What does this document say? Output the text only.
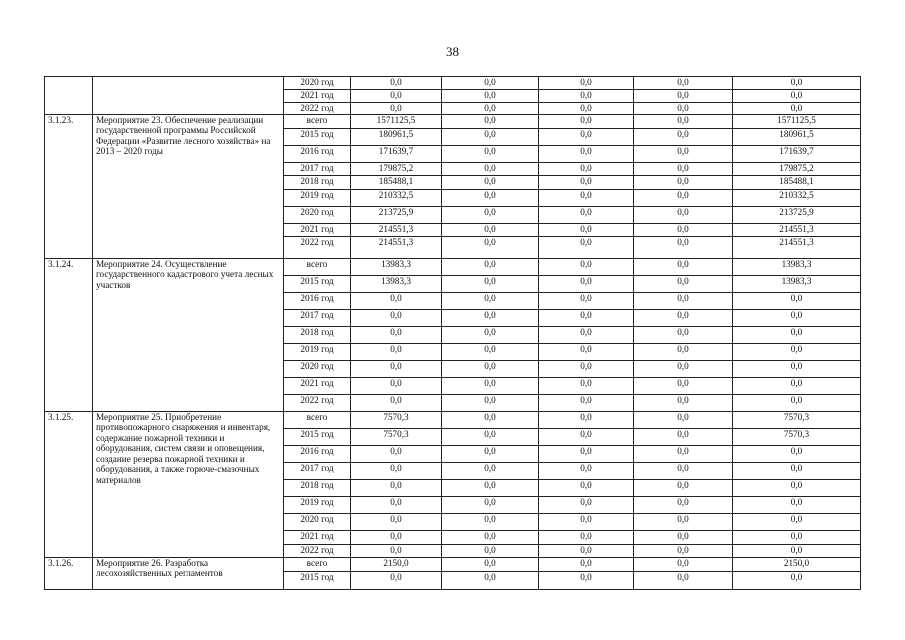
38
		2020 год	0,0	0,0	0,0	0,0	0,0
		2021 год	0,0	0,0	0,0	0,0	0,0
		2022 год	0,0	0,0	0,0	0,0	0,0
3.1.23.	Мероприятие 23. Обеспечение реализации государственной программы Российской Федерации «Развитие лесного хозяйства» на 2013 – 2020 годы	всего	1571125,5	0,0	0,0	0,0	1571125,5
		2015 год	180961,5	0,0	0,0	0,0	180961,5
		2016 год	171639,7	0,0	0,0	0,0	171639,7
		2017 год	179875,2	0,0	0,0	0,0	179875,2
		2018 год	185488,1	0,0	0,0	0,0	185488,1
		2019 год	210332,5	0,0	0,0	0,0	210332,5
		2020 год	213725,9	0,0	0,0	0,0	213725,9
		2021 год	214551,3	0,0	0,0	0,0	214551,3
		2022 год	214551,3	0,0	0,0	0,0	214551,3
3.1.24.	Мероприятие 24. Осуществление государственного кадастрового учета лесных участков	всего	13983,3	0,0	0,0	0,0	13983,3
		2015 год	13983,3	0,0	0,0	0,0	13983,3
		2016 год	0,0	0,0	0,0	0,0	0,0
		2017 год	0,0	0,0	0,0	0,0	0,0
		2018 год	0,0	0,0	0,0	0,0	0,0
		2019 год	0,0	0,0	0,0	0,0	0,0
		2020 год	0,0	0,0	0,0	0,0	0,0
		2021 год	0,0	0,0	0,0	0,0	0,0
		2022 год	0,0	0,0	0,0	0,0	0,0
3.1.25.	Мероприятие 25. Приобретение противопожарного снаряжения и инвентаря, содержание пожарной техники и оборудования, систем связи и оповещения, создание резерва пожарной техники и оборудования, а также горюче-смазочных материалов	всего	7570,3	0,0	0,0	0,0	7570,3
		2015 год	7570,3	0,0	0,0	0,0	7570,3
		2016 год	0,0	0,0	0,0	0,0	0,0
		2017 год	0,0	0,0	0,0	0,0	0,0
		2018 год	0,0	0,0	0,0	0,0	0,0
		2019 год	0,0	0,0	0,0	0,0	0,0
		2020 год	0,0	0,0	0,0	0,0	0,0
		2021 год	0,0	0,0	0,0	0,0	0,0
		2022 год	0,0	0,0	0,0	0,0	0,0
3.1.26.	Мероприятие 26. Разработка лесохозяйственных регламентов	всего	2150,0	0,0	0,0	0,0	2150,0
		2015 год	0,0	0,0	0,0	0,0	0,0
